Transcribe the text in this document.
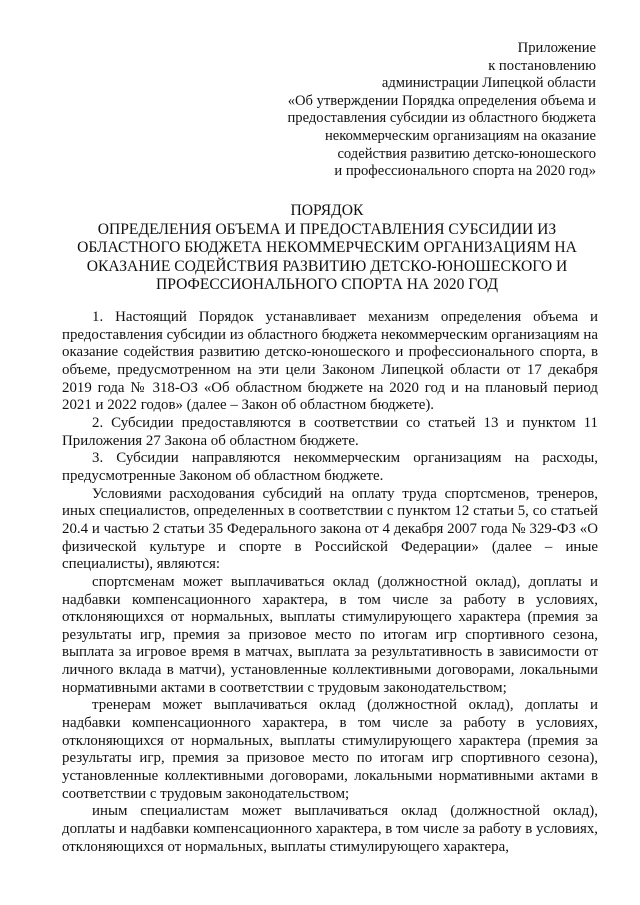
Приложение
к постановлению
администрации Липецкой области
«Об утверждении Порядка определения объема и
предоставления субсидии из областного бюджета
некоммерческим организациям на оказание
содействия развитию детско-юношеского
и профессионального спорта на 2020 год»
ПОРЯДОК
ОПРЕДЕЛЕНИЯ ОБЪЕМА И ПРЕДОСТАВЛЕНИЯ СУБСИДИИ ИЗ
ОБЛАСТНОГО БЮДЖЕТА НЕКОММЕРЧЕСКИМ ОРГАНИЗАЦИЯМ НА
ОКАЗАНИЕ СОДЕЙСТВИЯ РАЗВИТИЮ ДЕТСКО-ЮНОШЕСКОГО И
ПРОФЕССИОНАЛЬНОГО СПОРТА НА 2020 ГОД

1. Настоящий Порядок устанавливает механизм определения объема и предоставления субсидии из областного бюджета некоммерческим организациям на оказание содействия развитию детско-юношеского и профессионального спорта, в объеме, предусмотренном на эти цели Законом Липецкой области от 17 декабря 2019 года № 318-ОЗ «Об областном бюджете на 2020 год и на плановый период 2021 и 2022 годов» (далее – Закон об областном бюджете).

2. Субсидии предоставляются в соответствии со статьей 13 и пунктом 11 Приложения 27 Закона об областном бюджете.

3. Субсидии направляются некоммерческим организациям на расходы, предусмотренные Законом об областном бюджете.

Условиями расходования субсидий на оплату труда спортсменов, тренеров, иных специалистов, определенных в соответствии с пунктом 12 статьи 5, со статьей 20.4 и частью 2 статьи 35 Федерального закона от 4 декабря 2007 года № 329-ФЗ «О физической культуре и спорте в Российской Федерации» (далее – иные специалисты), являются:

спортсменам может выплачиваться оклад (должностной оклад), доплаты и надбавки компенсационного характера, в том числе за работу в условиях, отклоняющихся от нормальных, выплаты стимулирующего характера (премия за результаты игр, премия за призовое место по итогам игр спортивного сезона, выплата за игровое время в матчах, выплата за результативность в зависимости от личного вклада в матчи), установленные коллективными договорами, локальными нормативными актами в соответствии с трудовым законодательством;

тренерам может выплачиваться оклад (должностной оклад), доплаты и надбавки компенсационного характера, в том числе за работу в условиях, отклоняющихся от нормальных, выплаты стимулирующего характера (премия за результаты игр, премия за призовое место по итогам игр спортивного сезона), установленные коллективными договорами, локальными нормативными актами в соответствии с трудовым законодательством;

иным специалистам может выплачиваться оклад (должностной оклад), доплаты и надбавки компенсационного характера, в том числе за работу в условиях, отклоняющихся от нормальных, выплаты стимулирующего характера,
